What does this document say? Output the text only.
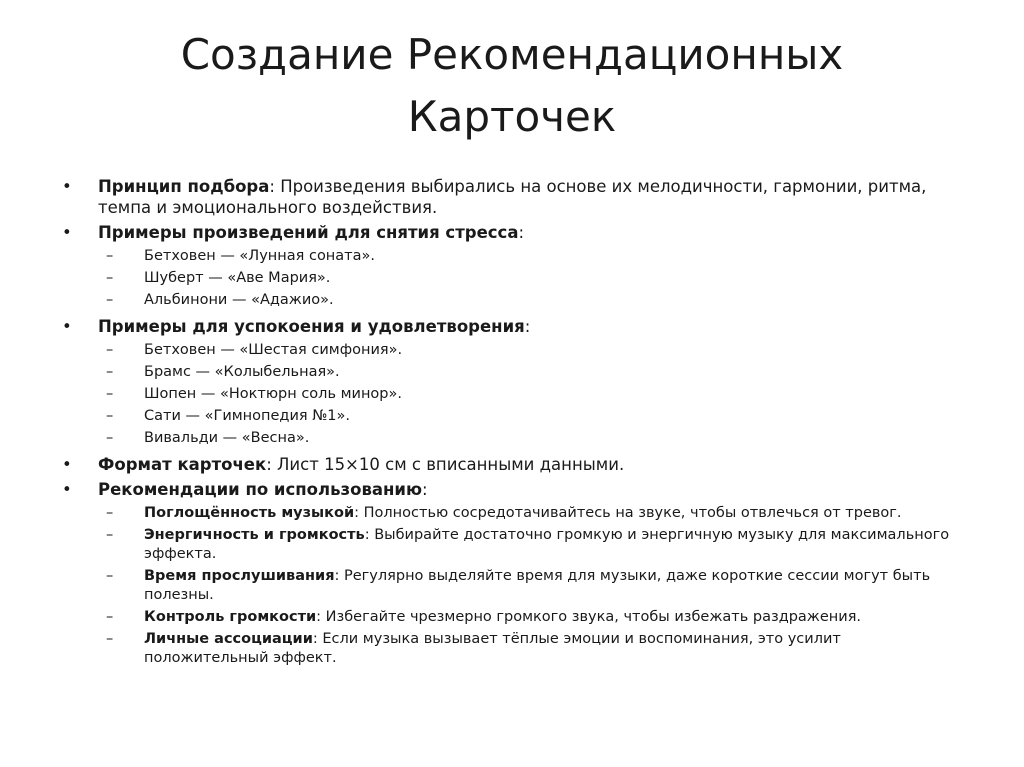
Создание Рекомендационных
Карточек
• Принцип подбора: Произведения выбирались на основе их мелодичности, гармонии, ритма, темпа и эмоционального воздействия.
• Примеры произведений для снятия стресса:
– Бетховен — «Лунная соната».
– Шуберт — «Аве Мария».
– Альбинони — «Адажио».
• Примеры для успокоения и удовлетворения:
– Бетховен — «Шестая симфония».
– Брамс — «Колыбельная».
– Шопен — «Ноктюрн соль минор».
– Сати — «Гимнопедия №1».
– Вивальди — «Весна».
• Формат карточек: Лист 15×10 см с вписанными данными.
• Рекомендации по использованию:
– Поглощённость музыкой: Полностью сосредотачивайтесь на звуке, чтобы отвлечься от тревог.
– Энергичность и громкость: Выбирайте достаточно громкую и энергичную музыку для максимального эффекта.
– Время прослушивания: Регулярно выделяйте время для музыки, даже короткие сессии могут быть полезны.
– Контроль громкости: Избегайте чрезмерно громкого звука, чтобы избежать раздражения.
– Личные ассоциации: Если музыка вызывает тёплые эмоции и воспоминания, это усилит положительный эффект.
